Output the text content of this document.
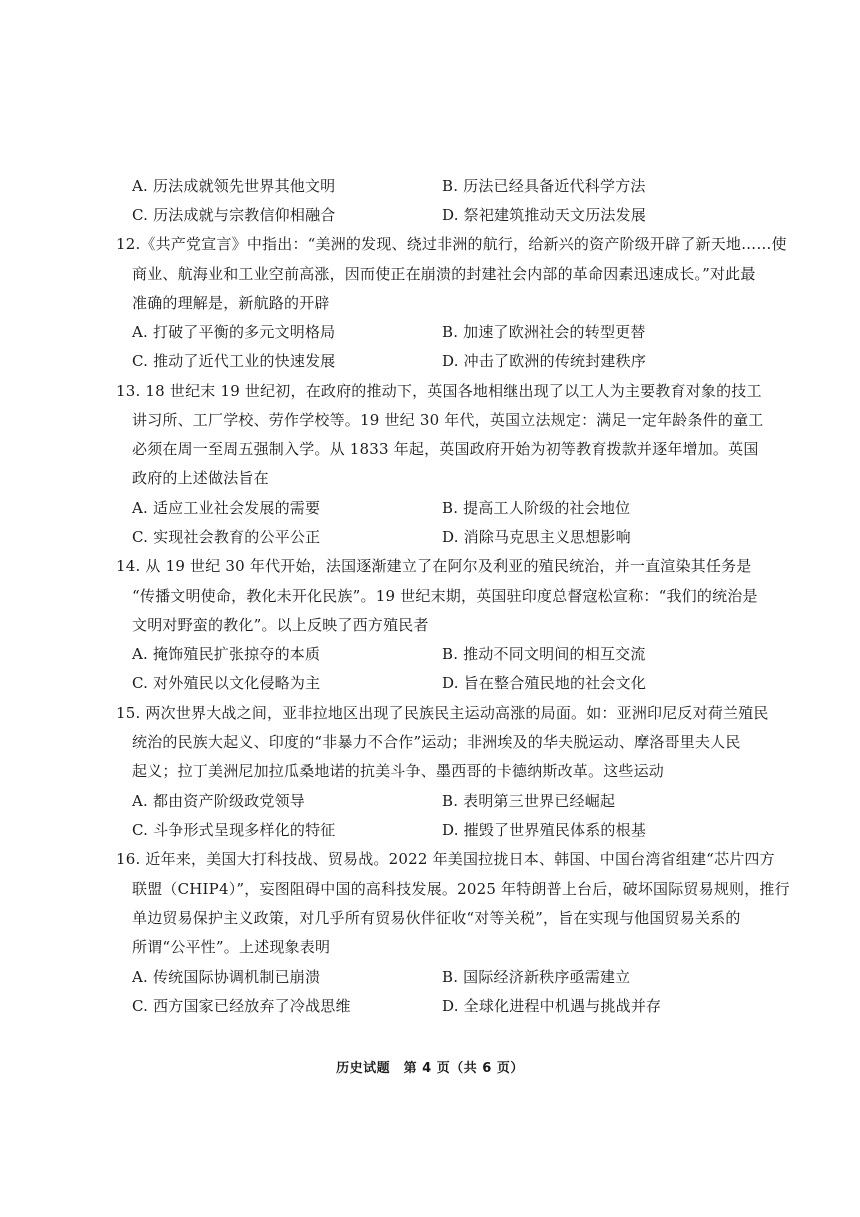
A. 历法成就领先世界其他文明	B. 历法已经具备近代科学方法
C. 历法成就与宗教信仰相融合	D. 祭祀建筑推动天文历法发展
12.《共产党宣言》中指出：“美洲的发现、绕过非洲的航行，给新兴的资产阶级开辟了新天地……使
商业、航海业和工业空前高涨，因而使正在崩溃的封建社会内部的革命因素迅速成长。”对此最
准确的理解是，新航路的开辟
A. 打破了平衡的多元文明格局	B. 加速了欧洲社会的转型更替
C. 推动了近代工业的快速发展	D. 冲击了欧洲的传统封建秩序
13. 18 世纪末 19 世纪初，在政府的推动下，英国各地相继出现了以工人为主要教育对象的技工
讲习所、工厂学校、劳作学校等。19 世纪 30 年代，英国立法规定：满足一定年龄条件的童工
必须在周一至周五强制入学。从 1833 年起，英国政府开始为初等教育拨款并逐年增加。英国
政府的上述做法旨在
A. 适应工业社会发展的需要	B. 提高工人阶级的社会地位
C. 实现社会教育的公平公正	D. 消除马克思主义思想影响
14. 从 19 世纪 30 年代开始，法国逐渐建立了在阿尔及利亚的殖民统治，并一直渲染其任务是
“传播文明使命，教化未开化民族”。19 世纪末期，英国驻印度总督寇松宣称：“我们的统治是
文明对野蛮的教化”。以上反映了西方殖民者
A. 掩饰殖民扩张掠夺的本质	B. 推动不同文明间的相互交流
C. 对外殖民以文化侵略为主	D. 旨在整合殖民地的社会文化
15. 两次世界大战之间，亚非拉地区出现了民族民主运动高涨的局面。如：亚洲印尼反对荷兰殖民
统治的民族大起义、印度的“非暴力不合作”运动；非洲埃及的华夫脱运动、摩洛哥里夫人民
起义；拉丁美洲尼加拉瓜桑地诺的抗美斗争、墨西哥的卡德纳斯改革。这些运动
A. 都由资产阶级政党领导	B. 表明第三世界已经崛起
C. 斗争形式呈现多样化的特征	D. 摧毁了世界殖民体系的根基
16. 近年来，美国大打科技战、贸易战。2022 年美国拉拢日本、韩国、中国台湾省组建“芯片四方
联盟（CHIP4）”，妄图阻碍中国的高科技发展。2025 年特朗普上台后，破坏国际贸易规则，推行
单边贸易保护主义政策，对几乎所有贸易伙伴征收“对等关税”，旨在实现与他国贸易关系的
所谓“公平性”。上述现象表明
A. 传统国际协调机制已崩溃	B. 国际经济新秩序亟需建立
C. 西方国家已经放弃了冷战思维	D. 全球化进程中机遇与挑战并存
历史试题　第 4 页（共 6 页）
